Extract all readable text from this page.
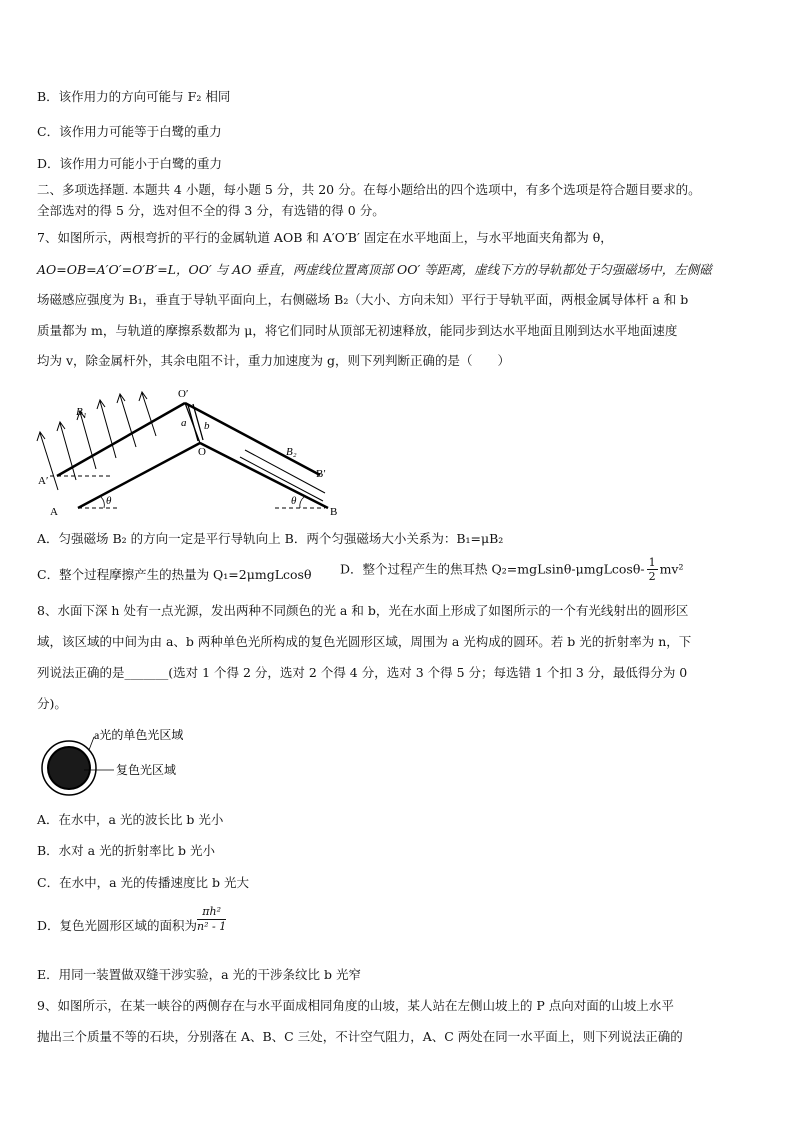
B．该作用力的方向可能与 F₂ 相同
C．该作用力可能等于白鹭的重力
D．该作用力可能小于白鹭的重力
二、多项选择题. 本题共 4 小题，每小题 5 分，共 20 分。在每小题给出的四个选项中，有多个选项是符合题目要求的。
全部选对的得 5 分，选对但不全的得 3 分，有选错的得 0 分。
7、如图所示，两根弯折的平行的金属轨道 AOB 和 A′O′B′ 固定在水平地面上，与水平地面夹角都为 θ，
AO=OB=A′O′=O′B′=L，OO′ 与 AO 垂直，两虚线位置离顶部 OO′ 等距离，虚线下方的导轨都处于匀强磁场中，左侧磁
场磁感应强度为 B₁，垂直于导轨平面向上，右侧磁场 B₂（大小、方向未知）平行于导轨平面，两根金属导体杆 a 和 b
质量都为 m，与轨道的摩擦系数都为 μ，将它们同时从顶部无初速释放，能同步到达水平地面且刚到达水平地面速度
均为 v，除金属杆外，其余电阻不计，重力加速度为 g，则下列判断正确的是（　　）
O′
B₁
a b
O	B₂
B′
A′
A
θ	θ
B
A．匀强磁场 B₂ 的方向一定是平行导轨向上 B．两个匀强磁场大小关系为：B₁=μB₂
C．整个过程摩擦产生的热量为 Q₁=2μmgLcosθ D．整个过程产生的焦耳热 $Q_2=mgLsin\theta-\mu mgLcos\theta- \frac{1}{2} mv^2$
8、水面下深 h 处有一点光源，发出两种不同颜色的光 a 和 b，光在水面上形成了如图所示的一个有光线射出的圆形区
域，该区域的中间为由 a、b 两种单色光所构成的复色光圆形区域，周围为 a 光构成的圆环。若 b 光的折射率为 n，下
列说法正确的是_______(选对 1 个得 2 分，选对 2 个得 4 分，选对 3 个得 5 分；每选错 1 个扣 3 分，最低得分为 0
分)。
a光的单色光区域
复色光区域
A．在水中，a 光的波长比 b 光小
B．水对 a 光的折射率比 b 光小
C．在水中，a 光的传播速度比 b 光大
D．复色光圆形区域的面积为 $\frac{\text{πh²}}{\text{n² - 1}}$
E．用同一装置做双缝干涉实验，a 光的干涉条纹比 b 光窄
9、如图所示，在某一峡谷的两侧存在与水平面成相同角度的山坡，某人站在左侧山坡上的 P 点向对面的山坡上水平
抛出三个质量不等的石块，分别落在 A、B、C 三处，不计空气阻力，A、C 两处在同一水平面上，则下列说法正确的
